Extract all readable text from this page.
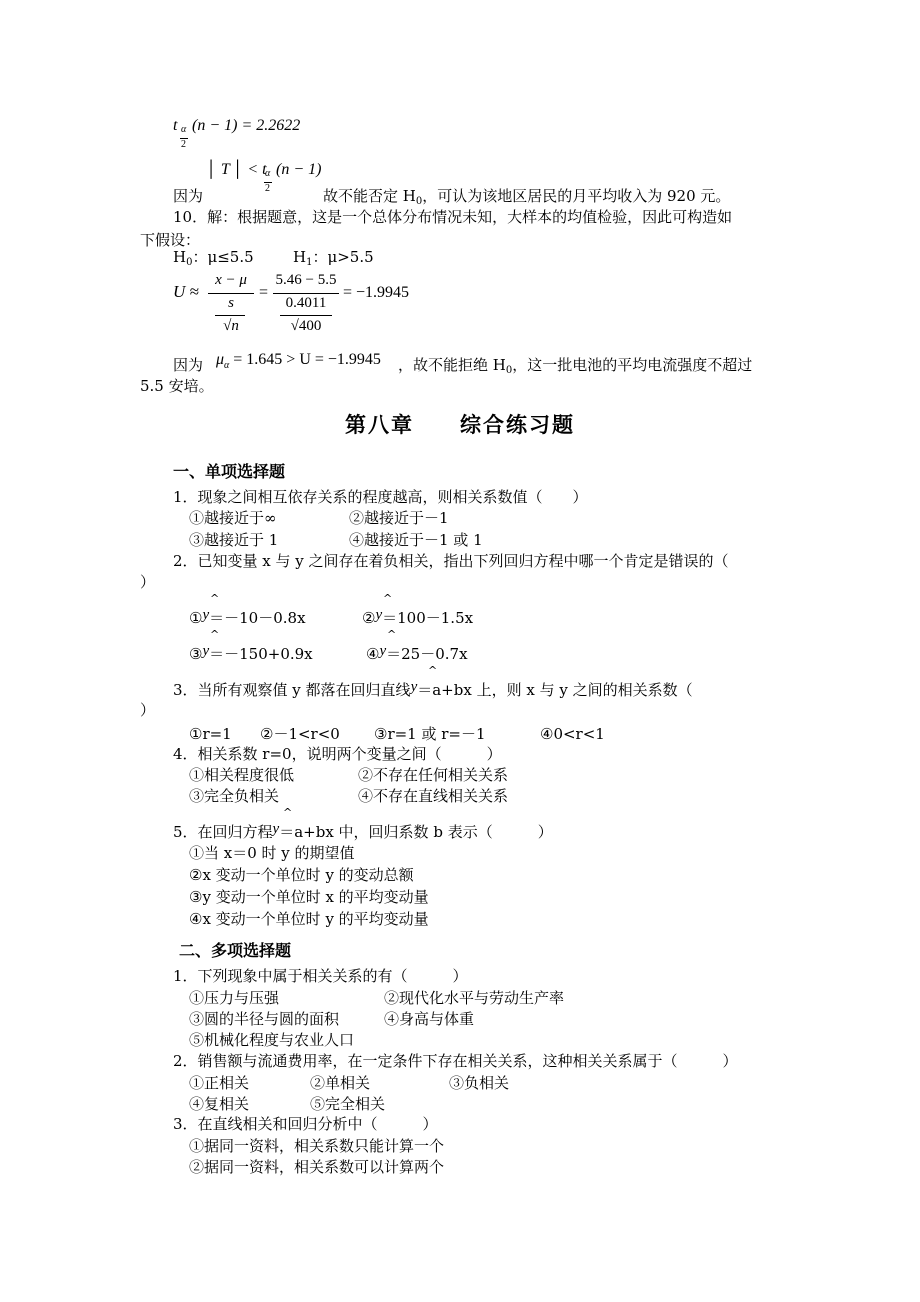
t α
2
(n − 1) = 2.2622
│ T │ < t
α
2
(n − 1)
因为	故不能否定 $H_0$，可认为该地区居民的月平均收入为 920 元。
10．解：根据题意，这是一个总体分布情况未知，大样本的均值检验，因此可构造如
下假设：
$H_0$：μ≤5.5	$H_1$：μ>5.5
U ≈
x − μ
s
√n
=
5.46 − 5.5
0.4011
√400
= −1.9945
因为 $\mu_\alpha = 1.645 > U = -1.9945$ ，故不能拒绝 $H_0$，这一批电池的平均电流强度不超过
5.5 安培。
第八章　　综合练习题
一、单项选择题
1．现象之间相互依存关系的程度越高，则相关系数值（　　）
①越接近于∞	②越接近于－1
③越接近于 1	④越接近于－1 或 1
2．已知变量 x 与 y 之间存在着负相关，指出下列回归方程中哪一个肯定是错误的（
）
①y＝－10－0.8x
^
②y＝100－1.5x
^
③y＝－150+0.9x
^
④y＝25－0.7x
^
3．当所有观察值 y 都落在回归直线y＝a+bx 上，则 x 与 y 之间的相关系数（
^
）
①r=1 ②－1<r<0 ③r=1 或 r=－1	④0<r<1
4．相关系数 r=0，说明两个变量之间（　　　）
①相关程度很低	②不存在任何相关关系
③完全负相关	④不存在直线相关关系
5．在回归方程y＝a+bx 中，回归系数 b 表示（　　　）
^
①当 x＝0 时 y 的期望值
②x 变动一个单位时 y 的变动总额
③y 变动一个单位时 x 的平均变动量
④x 变动一个单位时 y 的平均变动量
二、多项选择题
1．下列现象中属于相关关系的有（　　　）
①压力与压强	②现代化水平与劳动生产率
③圆的半径与圆的面积	④身高与体重
⑤机械化程度与农业人口
2．销售额与流通费用率，在一定条件下存在相关关系，这种相关关系属于（　　　）
①正相关	②单相关	③负相关
④复相关	⑤完全相关
3．在直线相关和回归分析中（　　　）
①据同一资料，相关系数只能计算一个
②据同一资料，相关系数可以计算两个
